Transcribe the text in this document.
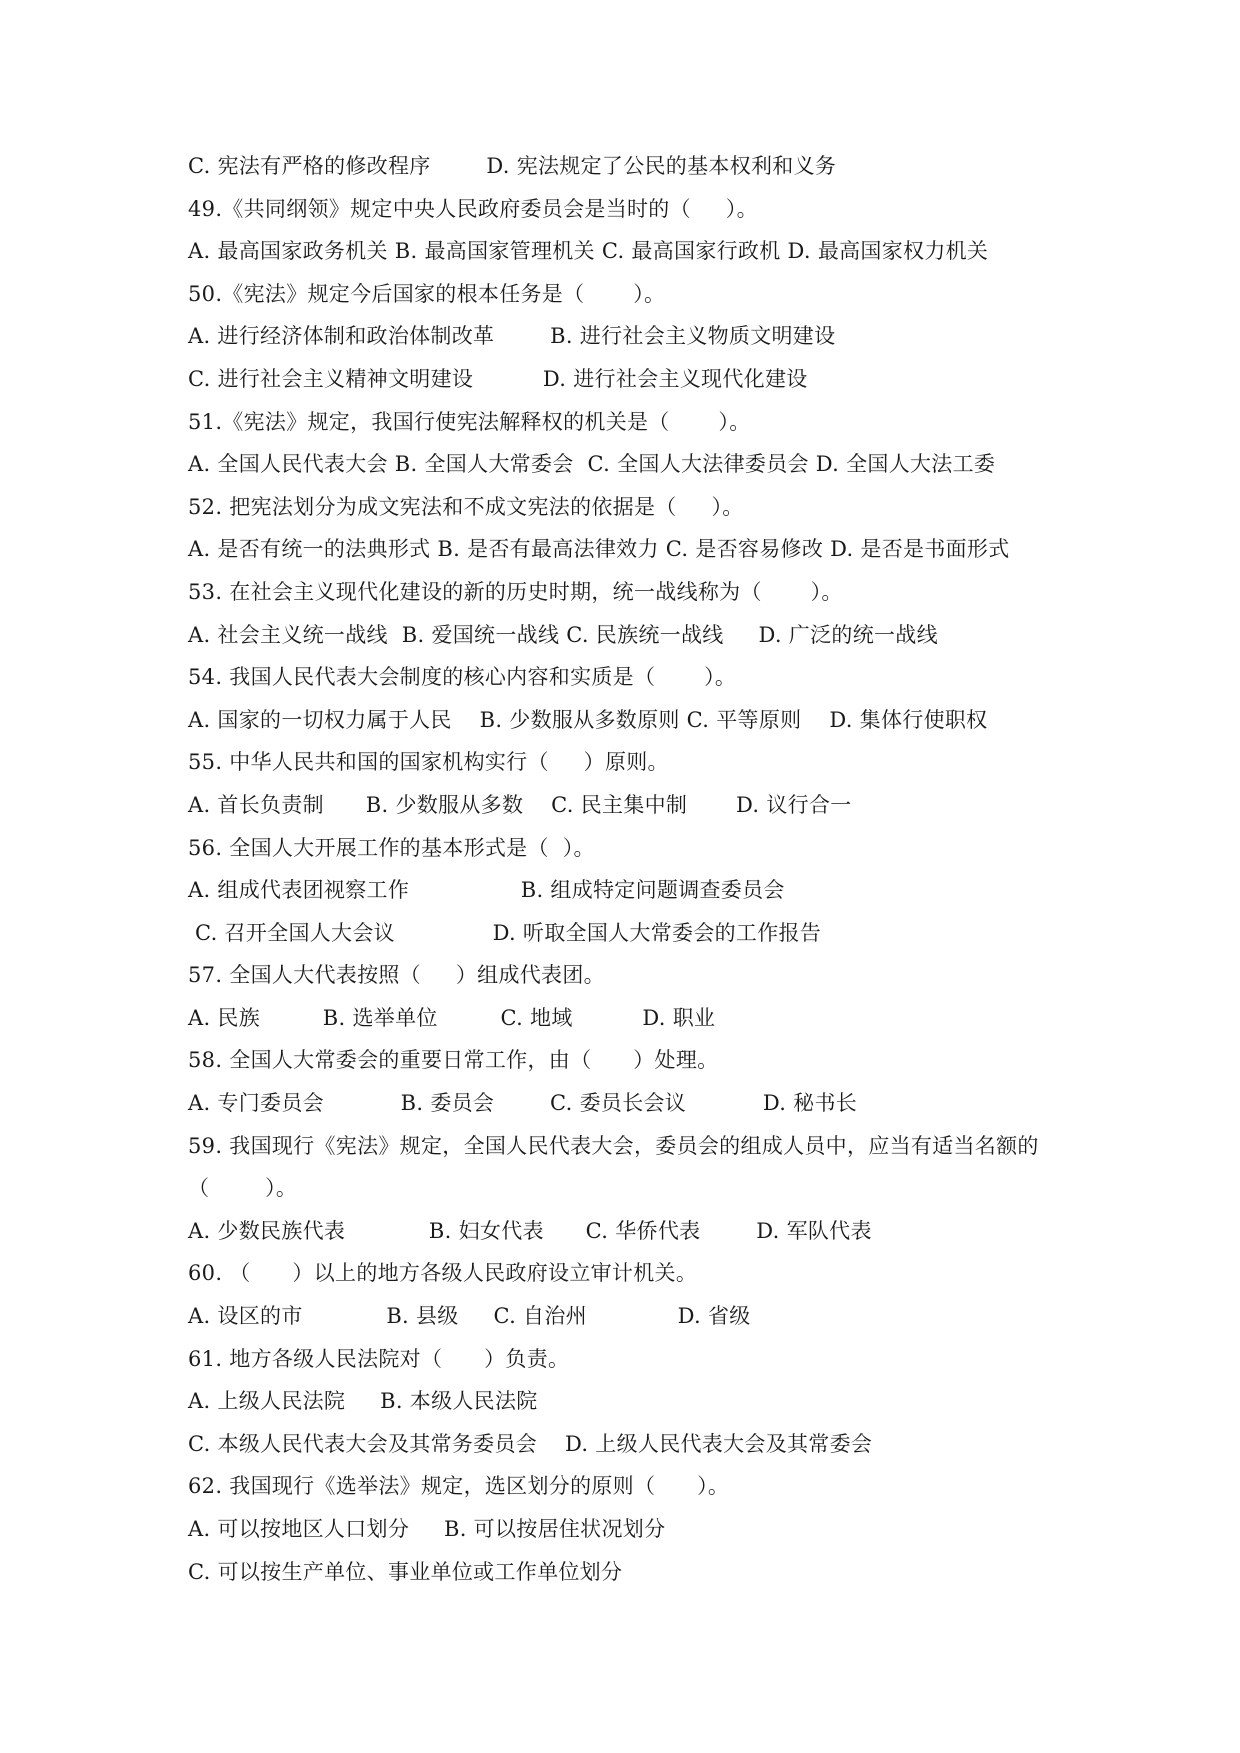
C. 宪法有严格的修改程序        D. 宪法规定了公民的基本权利和义务
49.《共同纲领》规定中央人民政府委员会是当时的（     ）。
A. 最高国家政务机关 B. 最高国家管理机关 C. 最高国家行政机 D. 最高国家权力机关
50.《宪法》规定今后国家的根本任务是（       ）。
A. 进行经济体制和政治体制改革        B. 进行社会主义物质文明建设
C. 进行社会主义精神文明建设          D. 进行社会主义现代化建设
51.《宪法》规定，我国行使宪法解释权的机关是（       ）。
A. 全国人民代表大会 B. 全国人大常委会  C. 全国人大法律委员会 D. 全国人大法工委
52. 把宪法划分为成文宪法和不成文宪法的依据是（     ）。
A. 是否有统一的法典形式 B. 是否有最高法律效力 C. 是否容易修改 D. 是否是书面形式
53. 在社会主义现代化建设的新的历史时期，统一战线称为（       ）。
A. 社会主义统一战线  B. 爱国统一战线 C. 民族统一战线     D. 广泛的统一战线
54. 我国人民代表大会制度的核心内容和实质是（       ）。
A. 国家的一切权力属于人民    B. 少数服从多数原则 C. 平等原则    D. 集体行使职权
55. 中华人民共和国的国家机构实行（     ）原则。
A. 首长负责制      B. 少数服从多数    C. 民主集中制       D. 议行合一
56. 全国人大开展工作的基本形式是（  ）。
A. 组成代表团视察工作                B. 组成特定问题调查委员会
C. 召开全国人大会议              D. 听取全国人大常委会的工作报告
57. 全国人大代表按照（     ）组成代表团。
A. 民族         B. 选举单位         C. 地域          D. 职业
58. 全国人大常委会的重要日常工作，由（      ）处理。
A. 专门委员会           B. 委员会        C. 委员长会议           D. 秘书长
59. 我国现行《宪法》规定，全国人民代表大会，委员会的组成人员中，应当有适当名额的
（        ）。
A. 少数民族代表            B. 妇女代表      C. 华侨代表        D. 军队代表
60. （      ）以上的地方各级人民政府设立审计机关。
A. 设区的市            B. 县级     C. 自治州             D. 省级
61. 地方各级人民法院对（      ）负责。
A. 上级人民法院     B. 本级人民法院
C. 本级人民代表大会及其常务委员会    D. 上级人民代表大会及其常委会
62. 我国现行《选举法》规定，选区划分的原则（      ）。
A. 可以按地区人口划分     B. 可以按居住状况划分
C. 可以按生产单位、事业单位或工作单位划分
